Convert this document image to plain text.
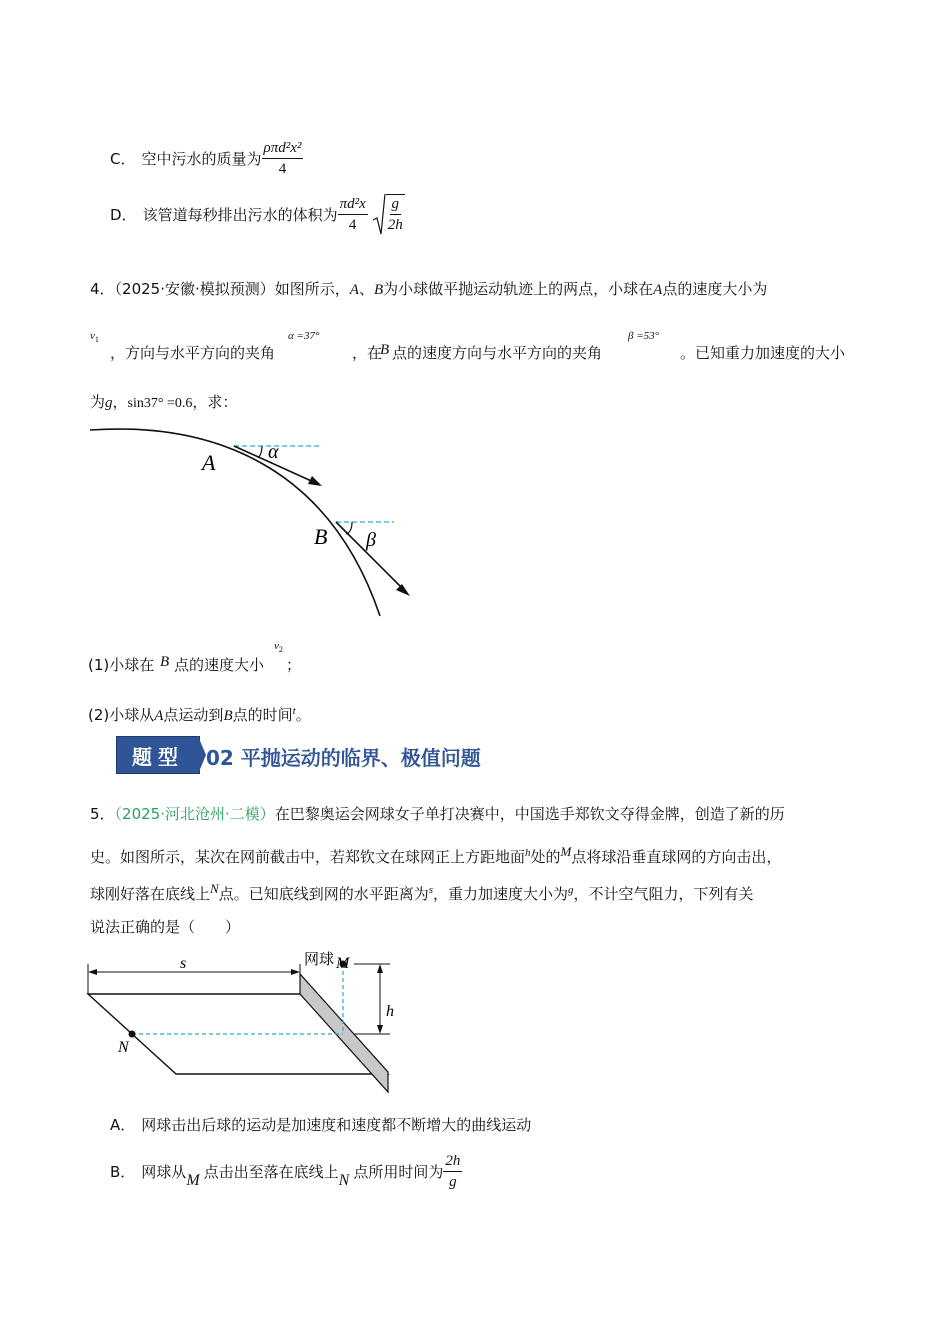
C． 空中污水的质量为 $\frac{\text{ρπd²x²}}{4}$
D． 该管道每秒排出污水的体积为 $\frac{\text{πd²x}}{4} \frac{g}{2h}$
4．（2025·安徽·模拟预测）如图所示，A、B为小球做平抛运动轨迹上的两点，小球在A点的速度大小为
$v_1$
，方向与水平方向的夹角
α =37°
，在
B 点的速度方向与水平方向的夹角
β =53°
。已知重力加速度的大小
为g，sin37° =0.6，求：
A	α
B β
(1)小球在 B 点的速度大小
$v_2$
；
(2)小球从A点运动到B点的时间$^t$。
题型	02 平抛运动的临界、极值问题
5．（2025·河北沧州·二模）在巴黎奥运会网球女子单打决赛中，中国选手郑钦文夺得金牌，创造了新的历
史。如图所示，某次在网前截击中，若郑钦文在球网正上方距地面$^h$处的$^M$点将球沿垂直球网的方向击出，
球刚好落在底线上$^N$点。已知底线到网的水平距离为$^s$，重力加速度大小为$^g$，不计空气阻力，下列有关
说法正确的是（　　）
s	网球 M
N
h
A． 网球击出后球的运动是加速度和速度都不断增大的曲线运动
B． 网球从 M 点击出至落在底线上 N 点所用时间为 $\frac{2h}{g}$
